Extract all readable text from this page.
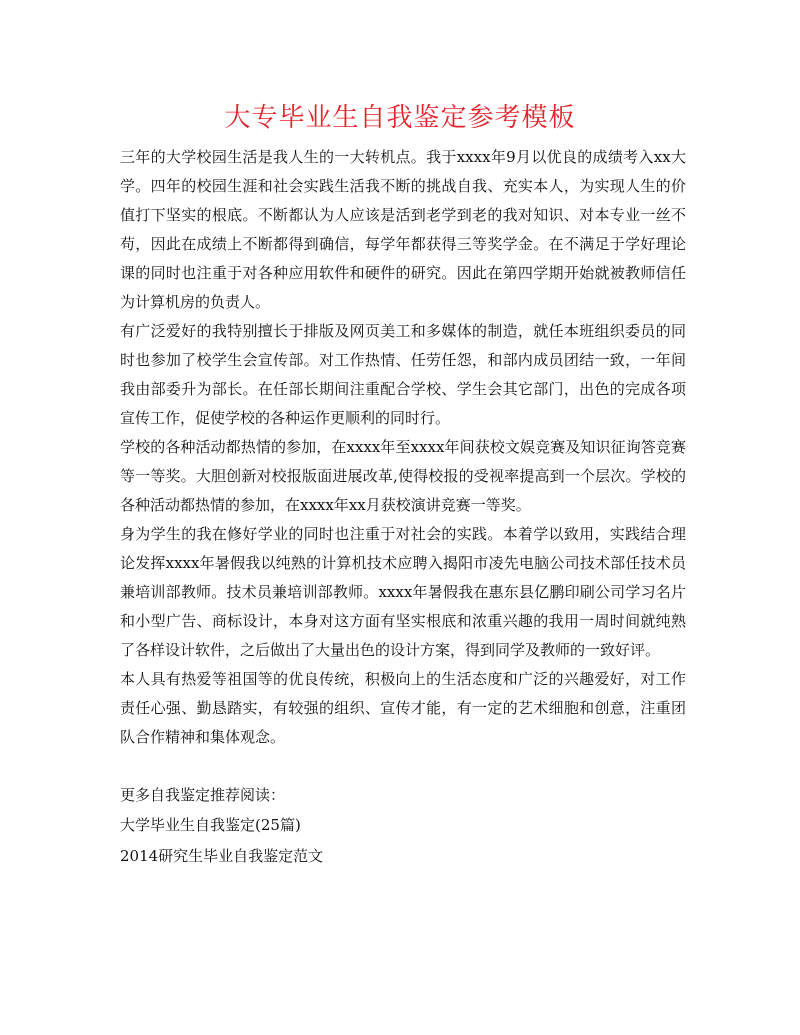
大专毕业生自我鉴定参考模板

三年的大学校园生活是我人生的一大转机点。我于xxxx年9月以优良的成绩考入xx大学。四年的校园生涯和社会实践生活我不断的挑战自我、充实本人，为实现人生的价值打下坚实的根底。不断都认为人应该是活到老学到老的我对知识、对本专业一丝不苟，因此在成绩上不断都得到确信，每学年都获得三等奖学金。在不满足于学好理论课的同时也注重于对各种应用软件和硬件的研究。因此在第四学期开始就被教师信任为计算机房的负责人。

有广泛爱好的我特别擅长于排版及网页美工和多媒体的制造，就任本班组织委员的同时也参加了校学生会宣传部。对工作热情、任劳任怨，和部内成员团结一致，一年间我由部委升为部长。在任部长期间注重配合学校、学生会其它部门，出色的完成各项宣传工作，促使学校的各种运作更顺利的同时行。

学校的各种活动都热情的参加，在xxxx年至xxxx年间获校文娱竞赛及知识征询答竞赛等一等奖。大胆创新对校报版面进展改革,使得校报的受视率提高到一个层次。学校的各种活动都热情的参加，在xxxx年xx月获校演讲竞赛一等奖。

身为学生的我在修好学业的同时也注重于对社会的实践。本着学以致用，实践结合理论发挥xxxx年暑假我以纯熟的计算机技术应聘入揭阳市凌先电脑公司技术部任技术员兼培训部教师。技术员兼培训部教师。xxxx年暑假我在惠东县亿鹏印刷公司学习名片和小型广告、商标设计，本身对这方面有坚实根底和浓重兴趣的我用一周时间就纯熟了各样设计软件，之后做出了大量出色的设计方案，得到同学及教师的一致好评。

本人具有热爱等祖国等的优良传统，积极向上的生活态度和广泛的兴趣爱好，对工作责任心强、勤恳踏实，有较强的组织、宣传才能，有一定的艺术细胞和创意，注重团队合作精神和集体观念。

更多自我鉴定推荐阅读：
大学毕业生自我鉴定(25篇)
2014研究生毕业自我鉴定范文
